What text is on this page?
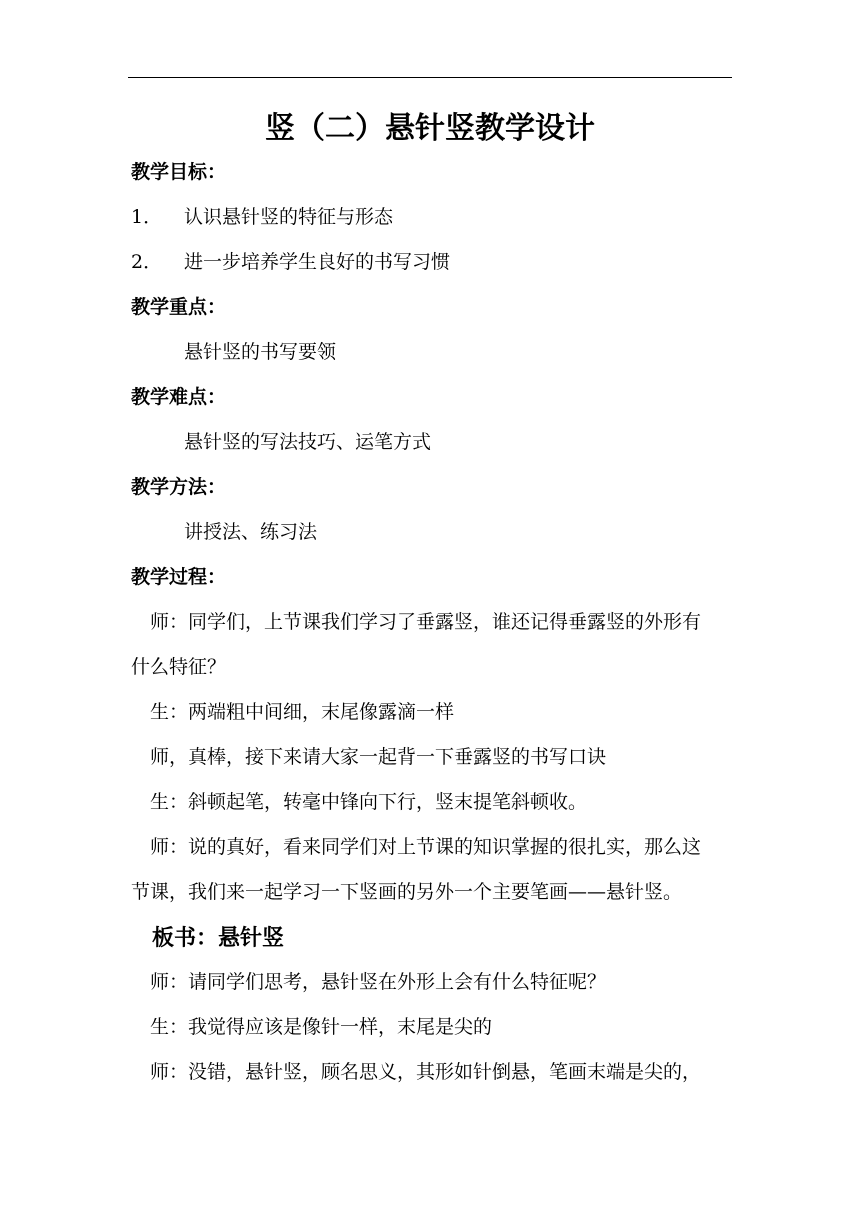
竖（二）悬针竖教学设计
教学目标：
1． 认识悬针竖的特征与形态
2． 进一步培养学生良好的书写习惯
教学重点：
悬针竖的书写要领
教学难点：
悬针竖的写法技巧、运笔方式
教学方法：
讲授法、练习法
教学过程：
师：同学们，上节课我们学习了垂露竖，谁还记得垂露竖的外形有
什么特征？
生：两端粗中间细，末尾像露滴一样
师，真棒，接下来请大家一起背一下垂露竖的书写口诀
生：斜顿起笔，转毫中锋向下行，竖末提笔斜顿收。
师：说的真好，看来同学们对上节课的知识掌握的很扎实，那么这
节课，我们来一起学习一下竖画的另外一个主要笔画——悬针竖。
板书：悬针竖
师：请同学们思考，悬针竖在外形上会有什么特征呢？
生：我觉得应该是像针一样，末尾是尖的
师：没错，悬针竖，顾名思义，其形如针倒悬，笔画末端是尖的，
